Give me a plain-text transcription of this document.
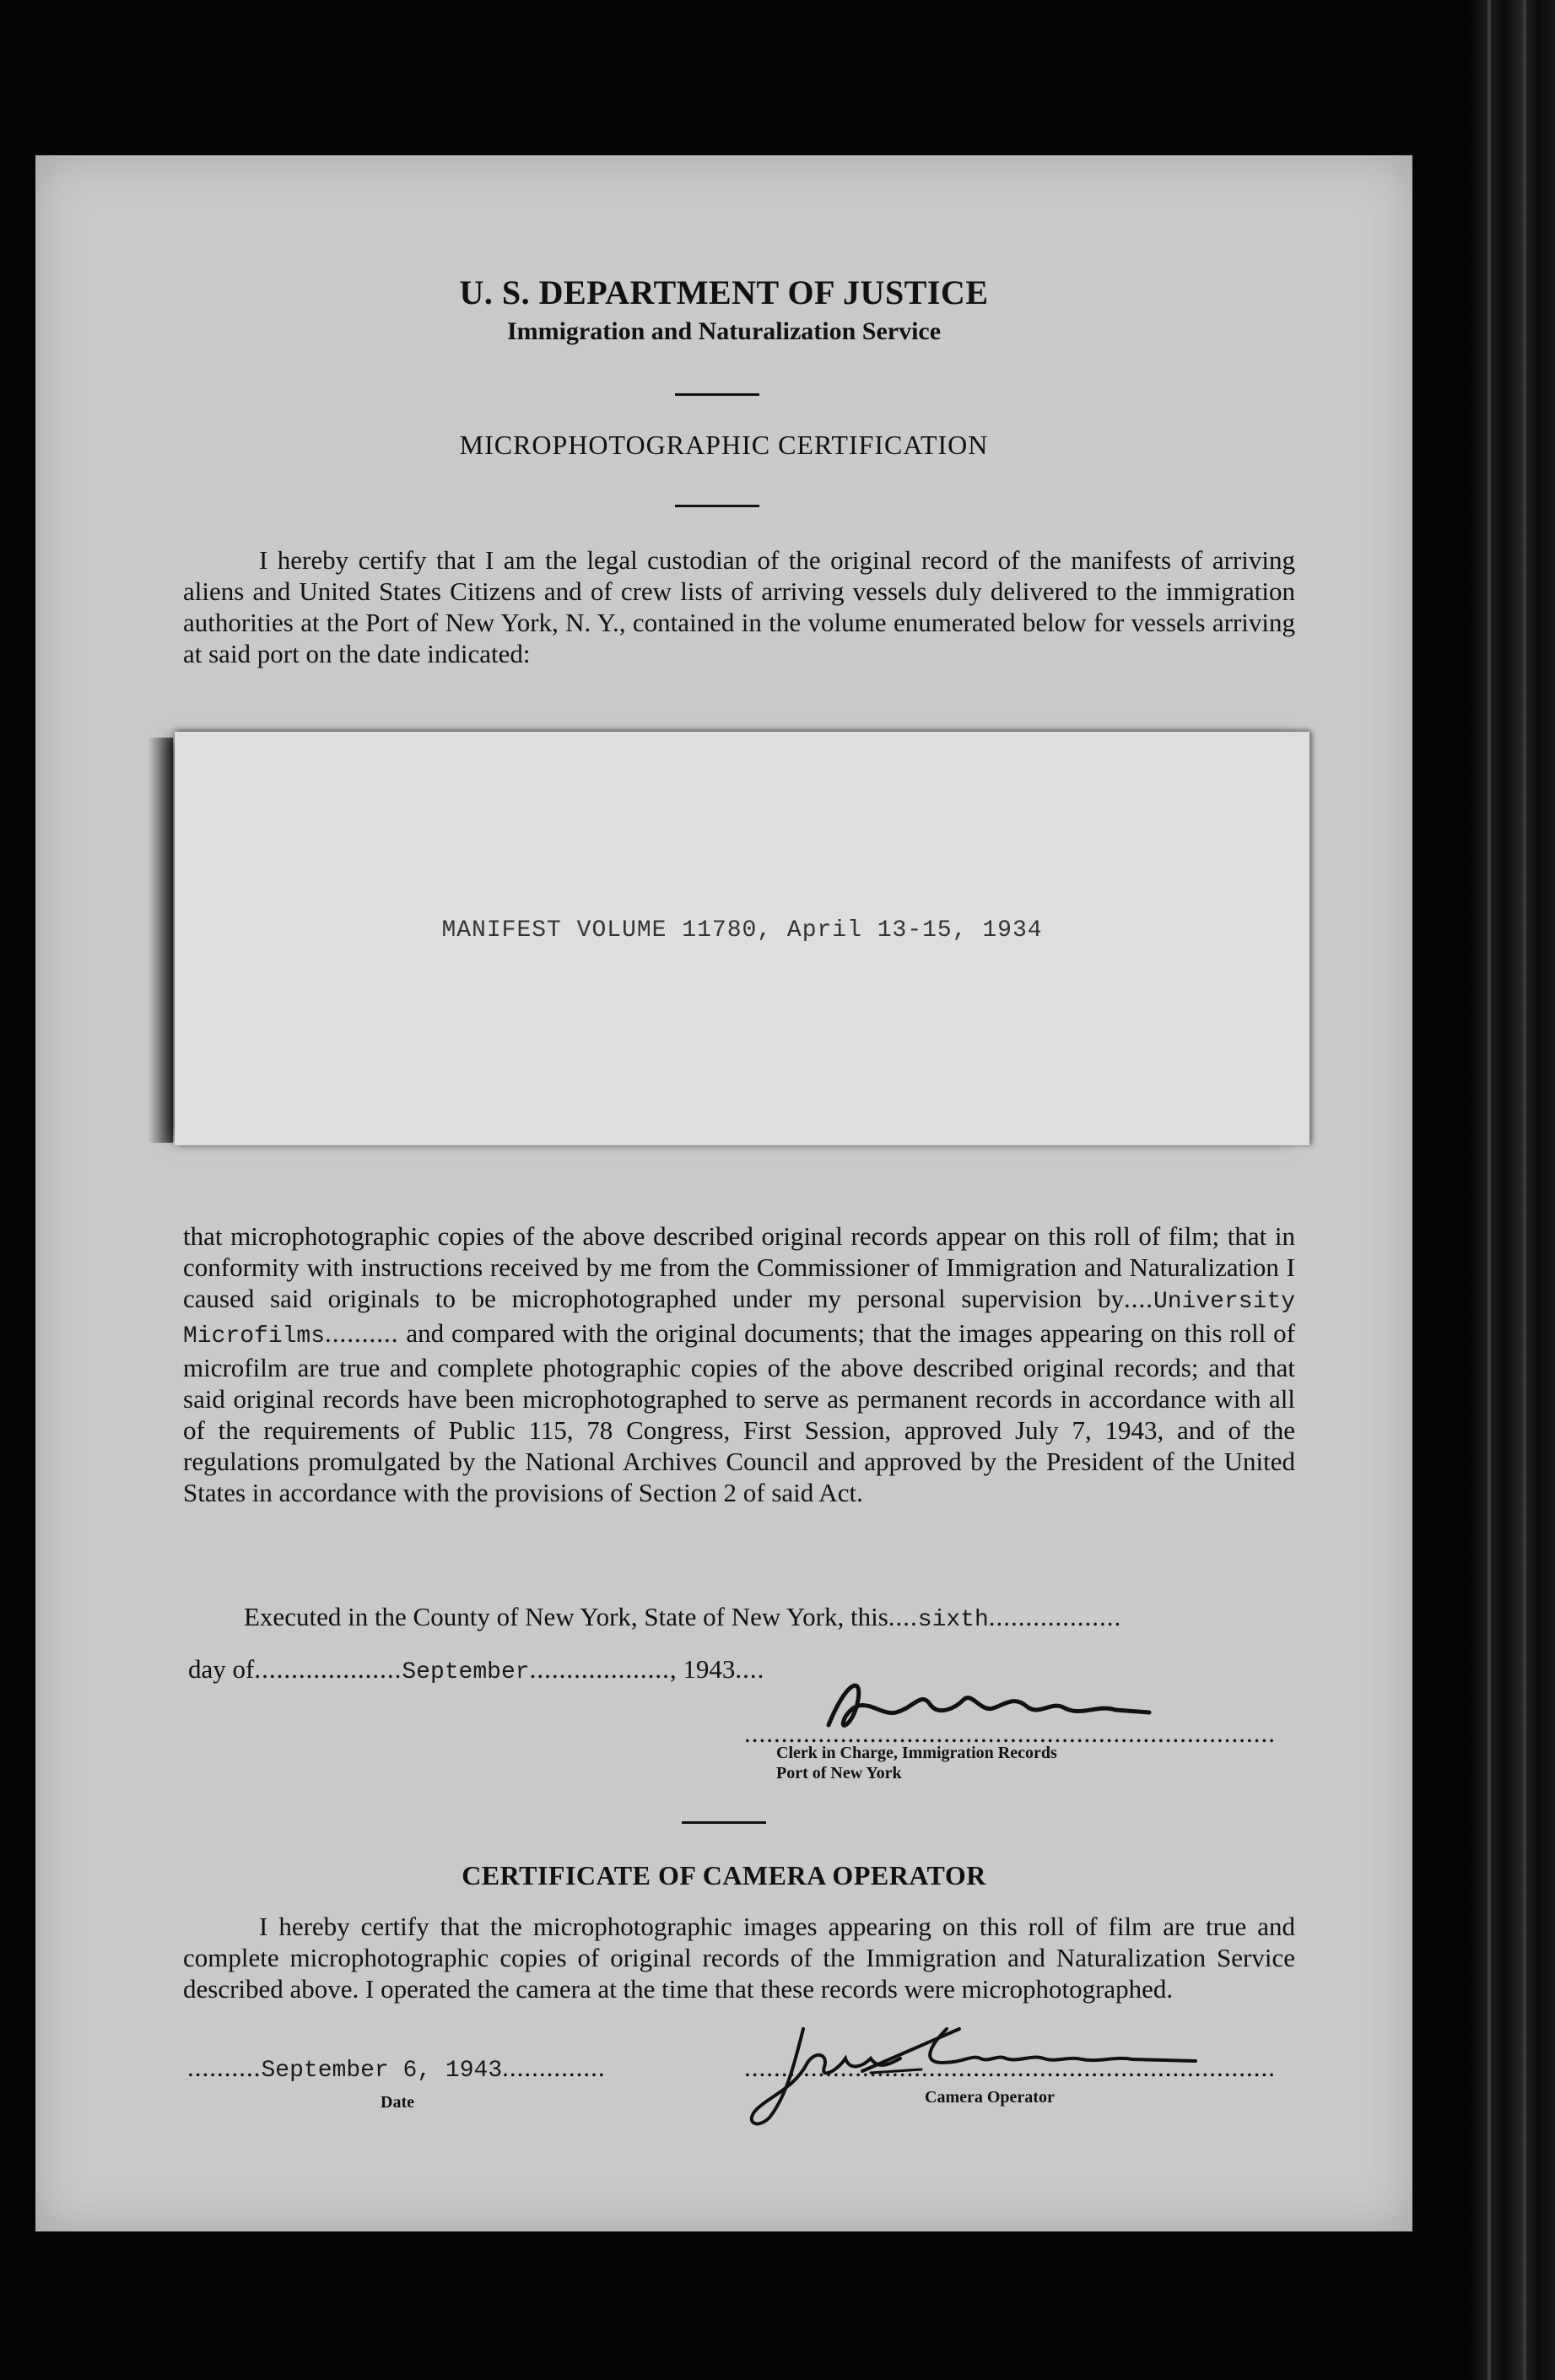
U. S. DEPARTMENT OF JUSTICE
Immigration and Naturalization Service
MICROPHOTOGRAPHIC CERTIFICATION
I hereby certify that I am the legal custodian of the original record of the manifests of arriving aliens and United States Citizens and of crew lists of arriving vessels duly delivered to the immigration authorities at the Port of New York, N. Y., contained in the volume enumerated below for vessels arriving at said port on the date indicated:
MANIFEST VOLUME 11780, April 13-15, 1934
that microphotographic copies of the above described original records appear on this roll of film; that in conformity with instructions received by me from the Commissioner of Immigration and Naturalization I caused said originals to be microphotographed under my personal supervision by....University Microfilms.......... and compared with the original documents; that the images appearing on this roll of microfilm are true and complete photographic copies of the above described original records; and that said original records have been microphotographed to serve as permanent records in accordance with all of the requirements of Public 115, 78 Congress, First Session, approved July 7, 1943, and of the regulations promulgated by the National Archives Council and approved by the President of the United States in accordance with the provisions of Section 2 of said Act.
Executed in the County of New York, State of New York, this....sixth..................
day of....................September..................., 1943....
........................................................................
Clerk in Charge, Immigration Records
Port of New York
CERTIFICATE OF CAMERA OPERATOR
I hereby certify that the microphotographic images appearing on this roll of film are true and complete microphotographic copies of original records of the Immigration and Naturalization Service described above. I operated the camera at the time that these records were microphotographed.
..........September 6, 1943..............
Date
........................................................................
Camera Operator
